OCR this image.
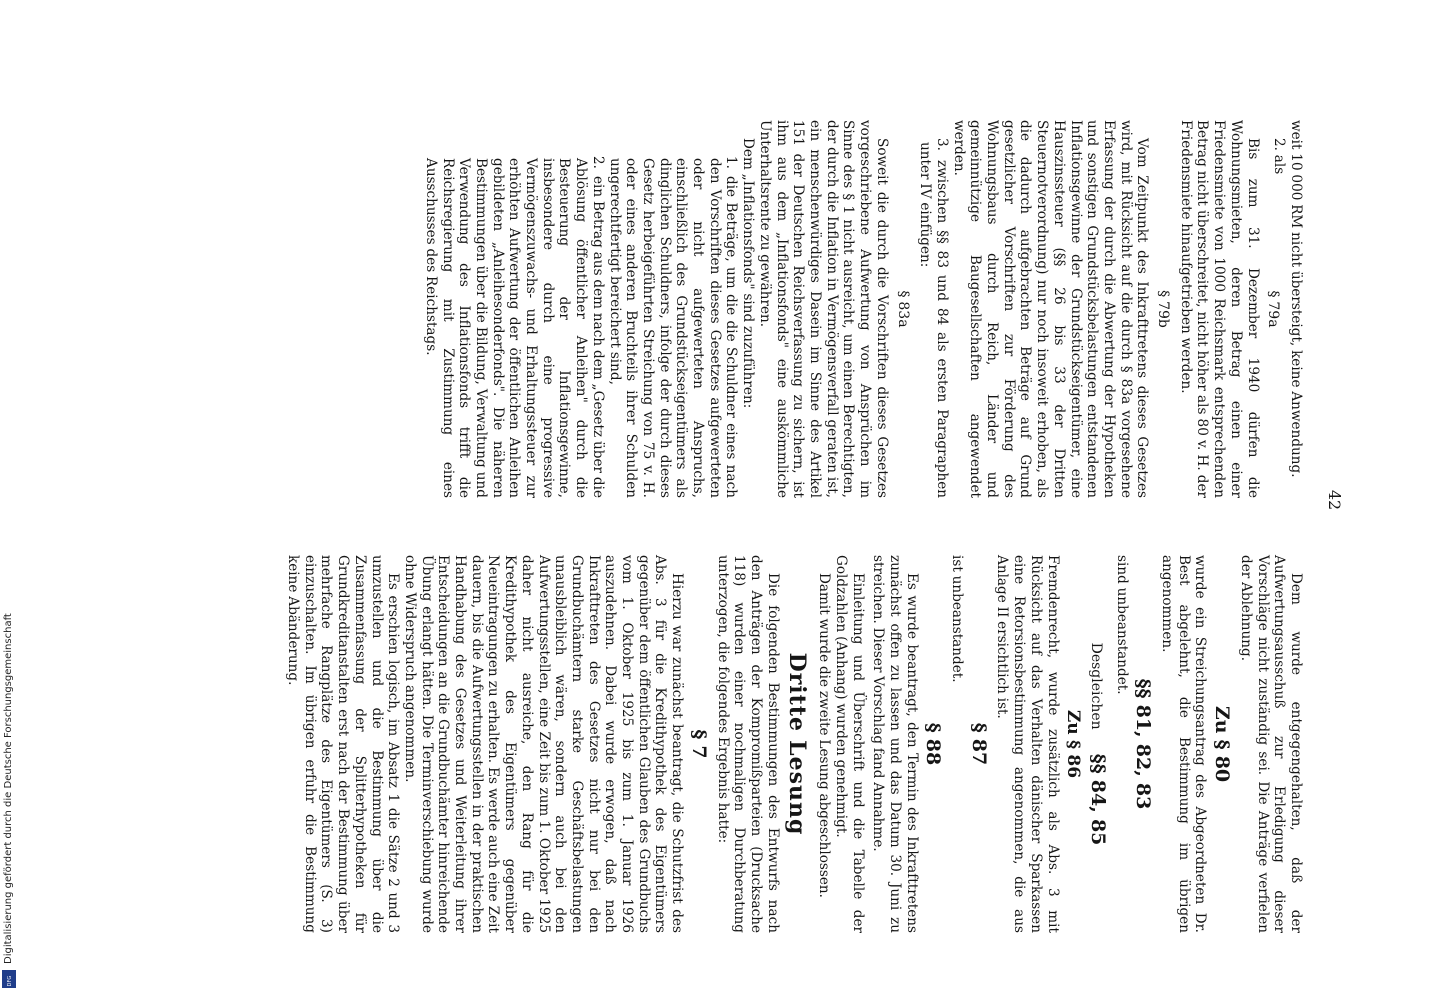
42

weit 10 000 RM nicht übersteigt, keine Anwendung.

2. als

§ 79a

Bis zum 31. Dezember 1940 dürfen die Wohnungsmieten, deren Betrag einen einer Friedensmiete von 1000 Reichsmark entsprechenden Betrag nicht überschreitet, nicht höher als 80 v. H. der Friedensmiete hinaufgetrieben werden.

§ 79b

Vom Zeitpunkt des Inkrafttretens dieses Gesetzes wird, mit Rücksicht auf die durch § 83a vorgesehene Erfassung der durch die Abwertung der Hypotheken und sonstigen Grundstücksbelastungen entstandenen Inflationsgewinne der Grundstückseigentümer, eine Hauszinssteuer (§§ 26 bis 33 der Dritten Steuernotverordnung) nur noch insoweit erhoben, als die dadurch aufgebrachten Beträge auf Grund gesetzlicher Vorschriften zur Förderung des Wohnungsbaus durch Reich, Länder und gemeinnützige Baugesellschaften angewendet werden.

3.
zwischen §§ 83 und 84 als ersten Paragraphen unter IV einfügen:

§ 83a

Soweit die durch die Vorschriften dieses Gesetzes vorgeschriebene Aufwertung von Ansprüchen im Sinne des § 1 nicht ausreicht, um einen Berechtigten, der durch die Inflation in Vermögensverfall geraten ist, ein menschenwürdiges Dasein im Sinne des Artikel 151 der Deutschen Reichsverfassung zu sichern, ist ihm aus dem „Inflationsfonds" eine auskömmliche Unterhaltsrente zu gewähren.

Dem „Inflationsfonds" sind zuzuführen:

1.
die Beträge, um die die Schuldner eines nach den Vorschriften dieses Gesetzes aufgewerteten oder nicht aufgewerteten Anspruchs, einschließlich des Grundstückseigentümers als dinglichen Schuldners, infolge der durch dieses Gesetz herbeigeführten Streichung von 75 v. H. oder eines anderen Bruchteils ihrer Schulden ungerechtfertigt bereichert sind,

2.
ein Betrag aus dem nach dem „Gesetz über die Ablösung öffentlicher Anleihen" durch die Besteuerung der Inflationsgewinne, insbesondere durch eine progressive Vermögenszuwachs- und Erhaltungssteuer zur erhöhten Aufwertung der öffentlichen Anleihen gebildeten „Anleihesonderfonds". Die näheren Bestimmungen über die Bildung, Verwaltung und Verwendung des Inflationsfonds trifft die Reichsregierung mit Zustimmung eines Ausschusses des Reichstags.

Dem wurde entgegengehalten, daß der Aufwertungsausschuß zur Erledigung dieser Vorschläge nicht zuständig sei. Die Anträge verfielen der Ablehnung.

Zu § 80

wurde ein Streichungsantrag des Abgeordneten Dr. Best abgelehnt, die Bestimmung im übrigen angenommen.

§§ 81, 82, 83

sind unbeanstandet.

Desgleichen §§ 84, 85
Zu § 86

Fremdenrecht, wurde zusätzlich als Abs. 3 mit Rücksicht auf das Verhalten dänischer Sparkassen eine Retorsionsbestimmung angenommen, die aus Anlage II ersichtlich ist.

§ 87

ist unbeanstandet.

§ 88

Es wurde beantragt, den Termin des Inkrafttretens zunächst offen zu lassen und das Datum 30. Juni zu streichen. Dieser Vorschlag fand Annahme.

Einleitung und Überschrift und die Tabelle der Goldzahlen (Anhang) wurden genehmigt.

Damit wurde die zweite Lesung abgeschlossen.

Dritte Lesung

Die folgenden Bestimmungen des Entwurfs nach den Anträgen der Kompromißparteien (Drucksache 118) wurden einer nochmaligen Durchberatung unterzogen, die folgendes Ergebnis hatte:

§ 7

Hierzu war zunächst beantragt, die Schutzfrist des Abs. 3 für die Kredithypothek des Eigentümers gegenüber dem öffentlichen Glauben des Grundbuchs vom 1. Oktober 1925 bis zum 1. Januar 1926 auszudehnen. Dabei wurde erwogen, daß nach Inkrafttreten des Gesetzes nicht nur bei den Grundbuchämtern starke Geschäftsbelastungen unausbleiblich wären, sondern auch bei den Aufwertungsstellen, eine Zeit bis zum 1. Oktober 1925 daher nicht ausreiche, den Rang für die Kredithypothek des Eigentümers gegenüber Neueintragungen zu erhalten. Es werde auch eine Zeit dauern, bis die Aufwertungsstellen in der praktischen Handhabung des Gesetzes und Weiterleitung ihrer Entscheidungen an die Grundbuchämter hinreichende Übung erlangt hätten. Die Terminverschiebung wurde ohne Widerspruch angenommen.

Es erschien logisch, im Absatz 1 die Sätze 2 und 3 umzustellen und die Bestimmung über die Zusammenfassung der Splitterhypotheken für Grundkreditanstalten erst nach der Bestimmung über mehrfache Rangplätze des Eigentümers (S. 3) einzuschalten. Im übrigen erfuhr die Bestimmung keine Abänderung.

Digitalisierung gefördert durch die Deutsche Forschungsgemeinschaft
DFG
